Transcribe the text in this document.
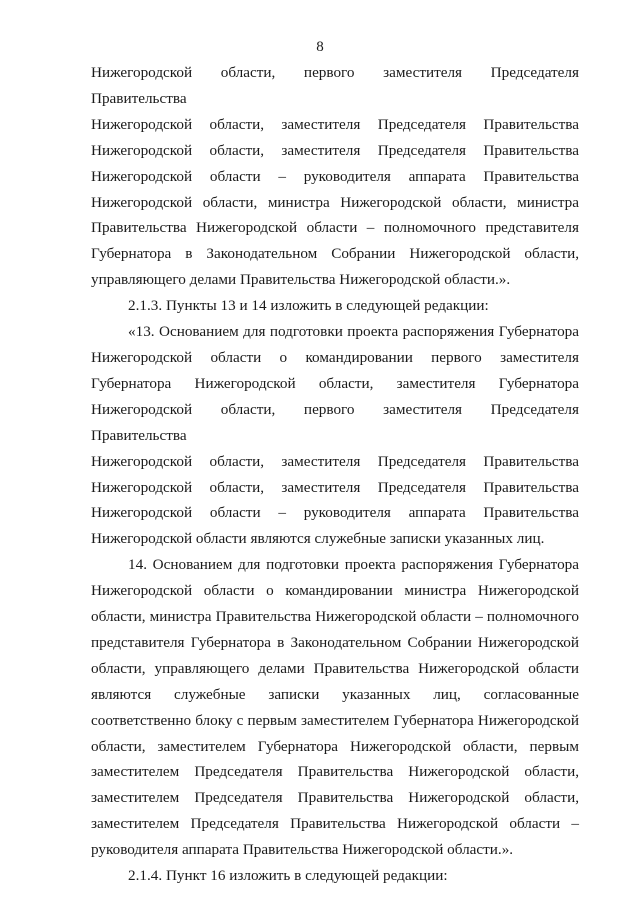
8
Нижегородской области, первого заместителя Председателя Правительства
Нижегородской области, заместителя Председателя Правительства
Нижегородской области, заместителя Председателя Правительства
Нижегородской области – руководителя аппарата Правительства
Нижегородской области, министра Нижегородской области, министра
Правительства Нижегородской области – полномочного представителя
Губернатора в Законодательном Собрании Нижегородской области,
управляющего делами Правительства Нижегородской области.».
2.1.3. Пункты 13 и 14 изложить в следующей редакции:
«13. Основанием для подготовки проекта распоряжения Губернатора
Нижегородской области о командировании первого заместителя
Губернатора Нижегородской области, заместителя Губернатора
Нижегородской области, первого заместителя Председателя Правительства
Нижегородской области, заместителя Председателя Правительства
Нижегородской области, заместителя Председателя Правительства
Нижегородской области – руководителя аппарата Правительства
Нижегородской области являются служебные записки указанных лиц.
14. Основанием для подготовки проекта распоряжения Губернатора
Нижегородской области о командировании министра Нижегородской
области, министра Правительства Нижегородской области – полномочного
представителя Губернатора в Законодательном Собрании Нижегородской
области, управляющего делами Правительства Нижегородской области
являются служебные записки указанных лиц, согласованные
соответственно блоку с первым заместителем Губернатора Нижегородской
области, заместителем Губернатора Нижегородской области, первым
заместителем Председателя Правительства Нижегородской области,
заместителем Председателя Правительства Нижегородской области,
заместителем Председателя Правительства Нижегородской области –
руководителя аппарата Правительства Нижегородской области.».
2.1.4. Пункт 16 изложить в следующей редакции:
